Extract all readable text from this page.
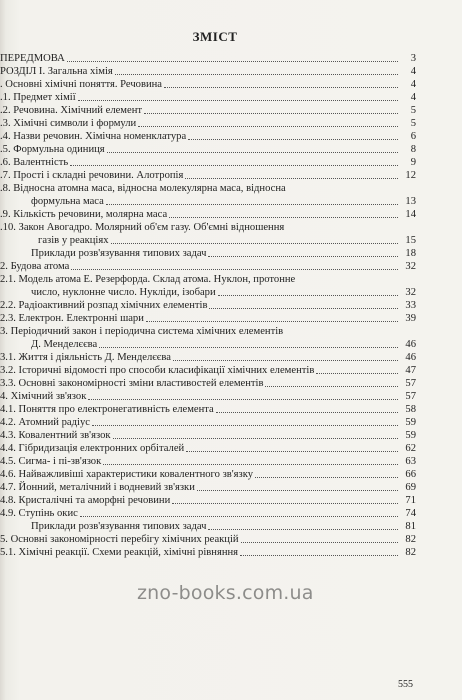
ЗМІСТ
ПЕРЕДМОВА	3
РОЗДІЛ І. Загальна хімія	4
. Основні хімічні поняття. Речовина	4
.1. Предмет хімії	4
.2. Речовина. Хімічний елемент	5
.3. Хімічні символи і формули	5
.4. Назви речовин. Хімічна номенклатура	6
.5. Формульна одиниця	8
.6. Валентність	9
.7. Прості і складні речовини. Алотропія	12
.8. Відносна атомна маса, відносна молекулярна маса, відносна
формульна маса	13
.9. Кількість речовини, молярна маса	14
.10. Закон Авогадро. Молярний об'єм газу. Об'ємні відношення
газів у реакціях	15
Приклади розв'язування типових задач	18
2. Будова атома	32
2.1. Модель атома Е. Резерфорда. Склад атома. Нуклон, протонне
число, нуклонне число. Нукліди, ізобари	32
2.2. Радіоактивний розпад хімічних елементів	33
2.3. Електрон. Електронні шари	39
3. Періодичний закон і періодична система хімічних елементів
Д. Менделєєва	46
3.1. Життя і діяльність Д. Менделєєва	46
3.2. Історичні відомості про способи класифікації хімічних елементів	47
3.3. Основні закономірності зміни властивостей елементів	57
4. Хімічний зв'язок	57
4.1. Поняття про електронегативність елемента	58
4.2. Атомний радіус	59
4.3. Ковалентний зв'язок	59
4.4. Гібридизація електронних орбіталей	62
4.5. Сигма- і пі-зв'язок	63
4.6. Найважливіші характеристики ковалентного зв'язку	66
4.7. Йонний, металічний і водневий зв'язки	69
4.8. Кристалічні та аморфні речовини	71
4.9. Ступінь окис	74
Приклади розв'язування типових задач	81
5. Основні закономірності перебігу хімічних реакцій	82
5.1. Хімічні реакції. Схеми реакцій, хімічні рівняння	82
555
zno-books.com.ua
